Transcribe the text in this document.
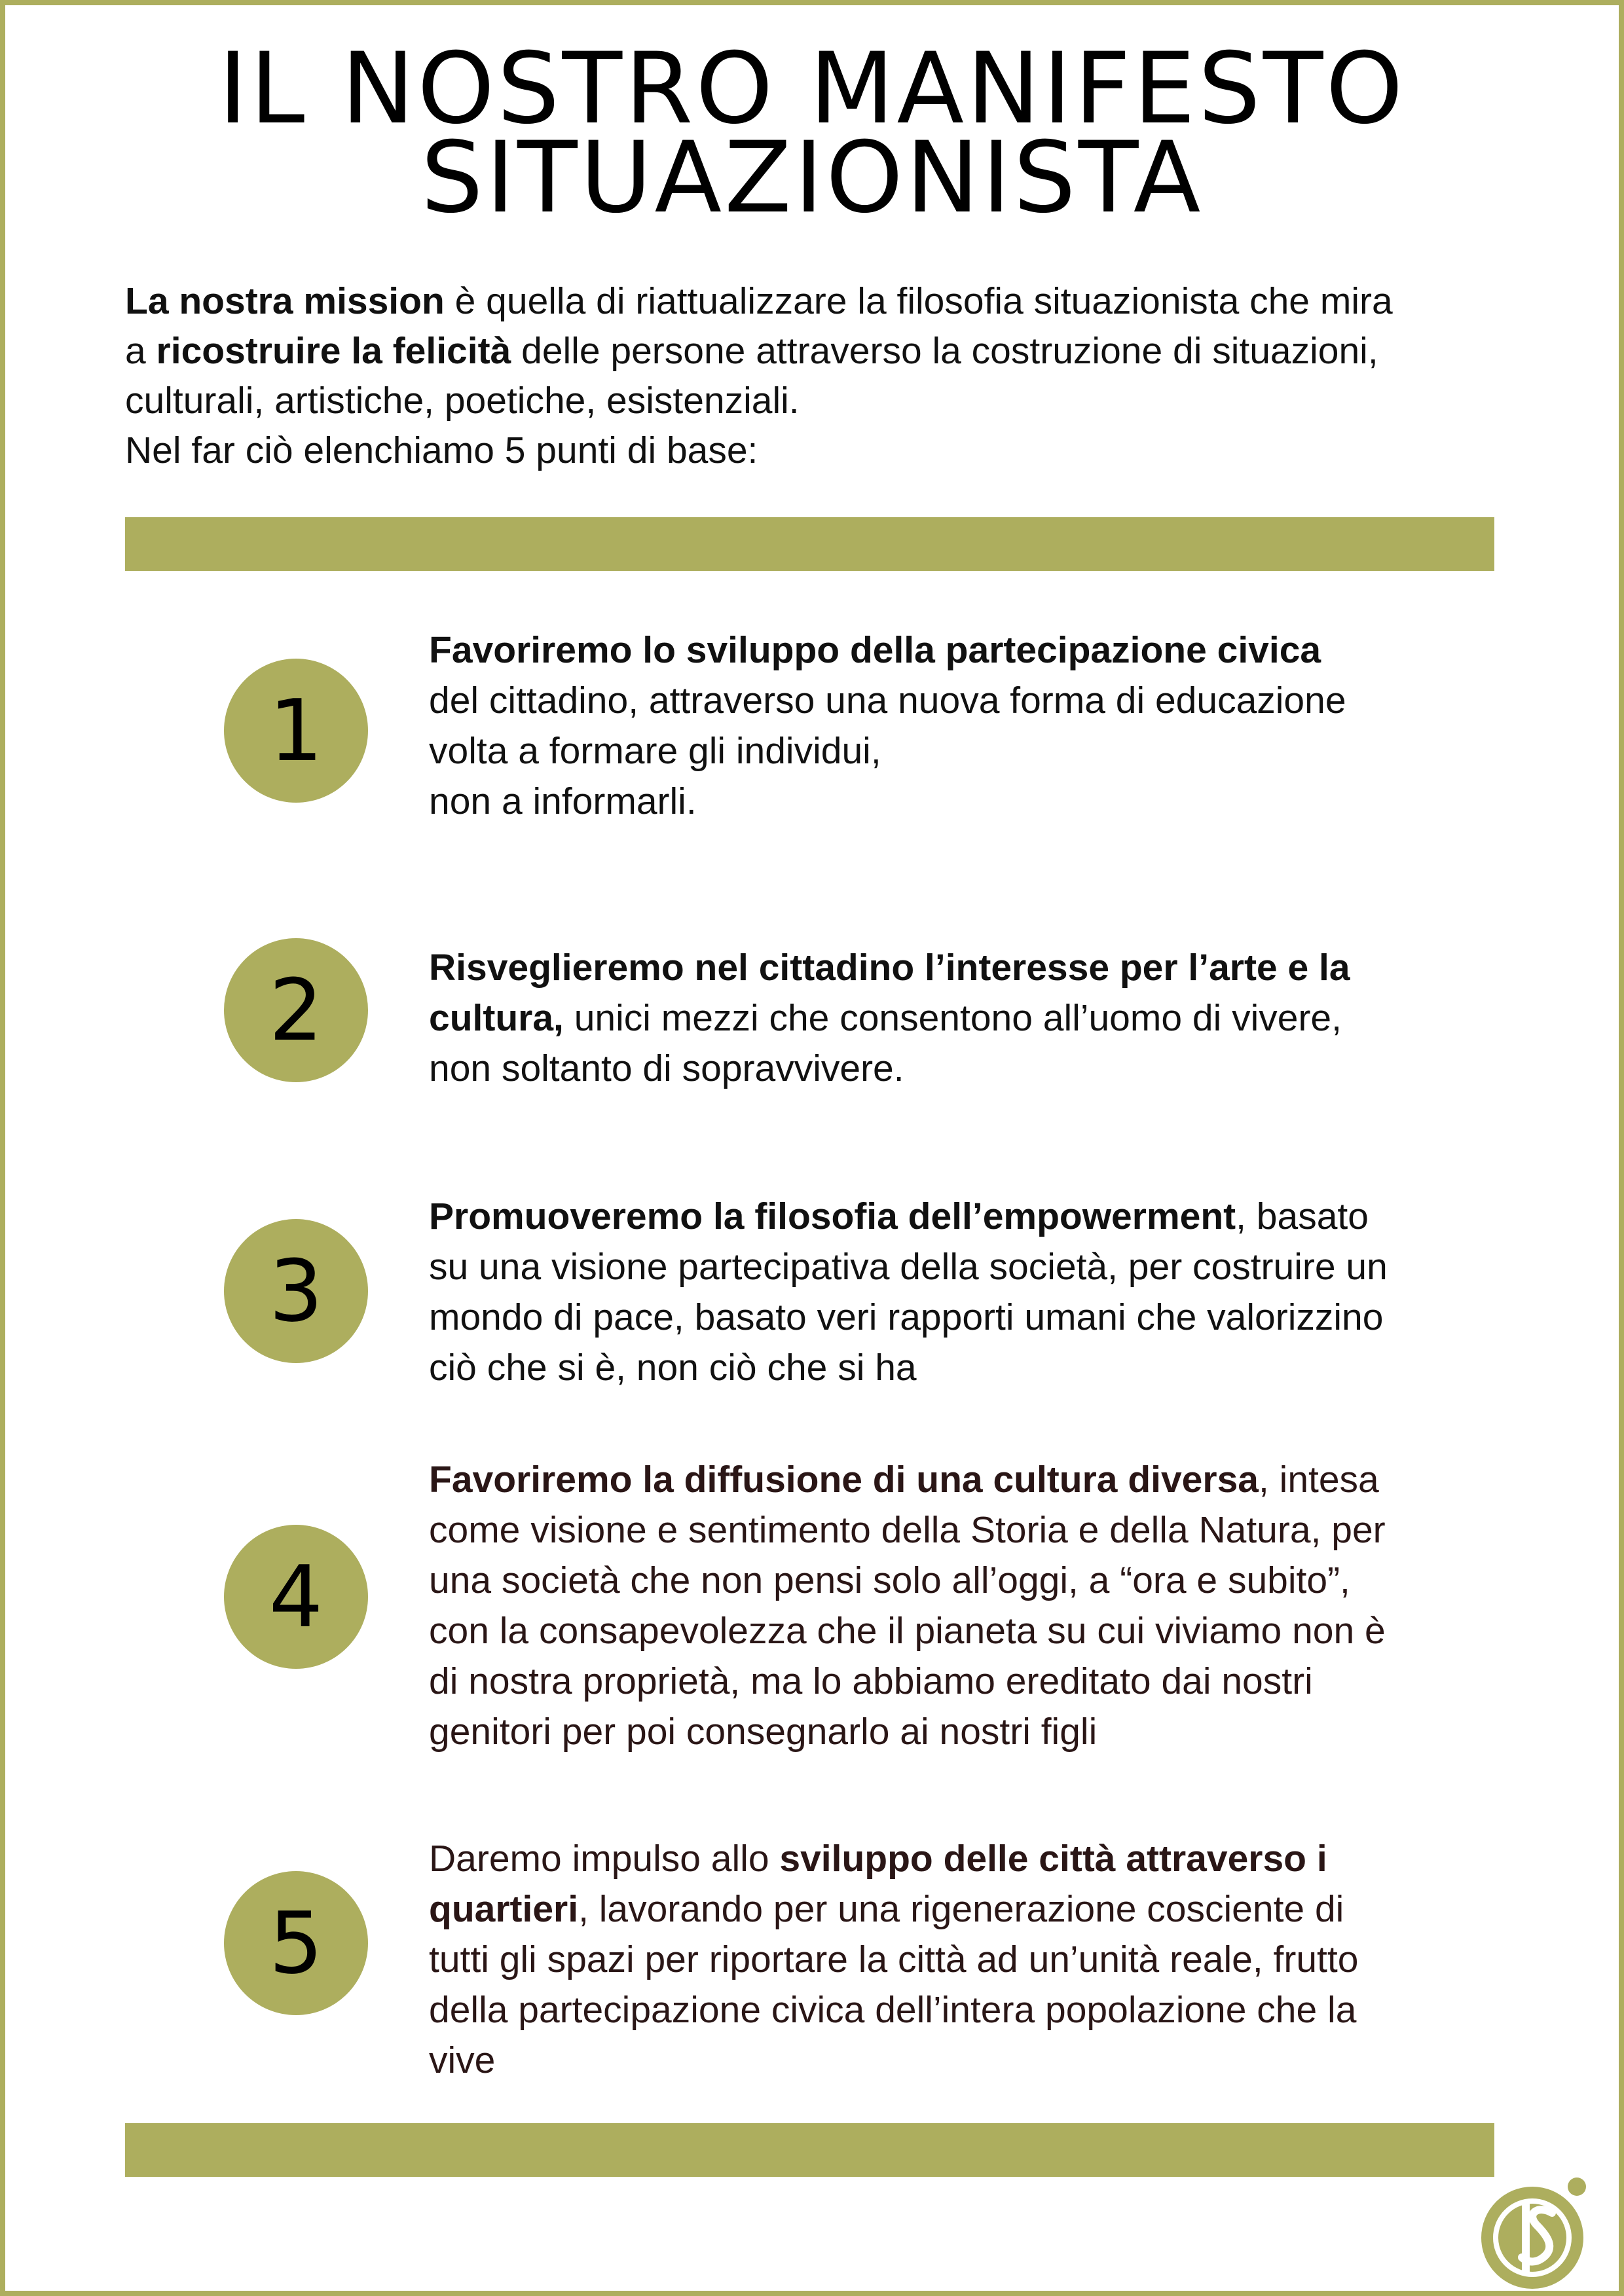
IL NOSTRO MANIFESTO
SITUAZIONISTA

La nostra mission è quella di riattualizzare la filosofia situazionista che mira

a ricostruire la felicità delle persone attraverso la costruzione di situazioni,

culturali, artistiche, poetiche, esistenziali.

Nel far ciò elenchiamo 5 punti di base:

1
Favoriremo lo sviluppo della partecipazione civica
del cittadino, attraverso una nuova forma di educazione
volta a formare gli individui,
non a informarli.
2	Risveglieremo nel cittadino l’interesse per l’arte e la
cultura, unici mezzi che consentono all’uomo di vivere,
non soltanto di sopravvivere.
3
Promuoveremo la filosofia dell’empowerment, basato
su una visione partecipativa della società, per costruire un
mondo di pace, basato veri rapporti umani che valorizzino
ciò che si è, non ciò che si ha
4
Favoriremo la diffusione di una cultura diversa, intesa
come visione e sentimento della Storia e della Natura, per
una società che non pensi solo all’oggi, a “ora e subito”,
con la consapevolezza che il pianeta su cui viviamo non è
di nostra proprietà, ma lo abbiamo ereditato dai nostri
genitori per poi consegnarlo ai nostri figli
5
Daremo impulso allo sviluppo delle città attraverso i
quartieri, lavorando per una rigenerazione cosciente di
tutti gli spazi per riportare la città ad un’unità reale, frutto
della partecipazione civica dell’intera popolazione che la
vive
